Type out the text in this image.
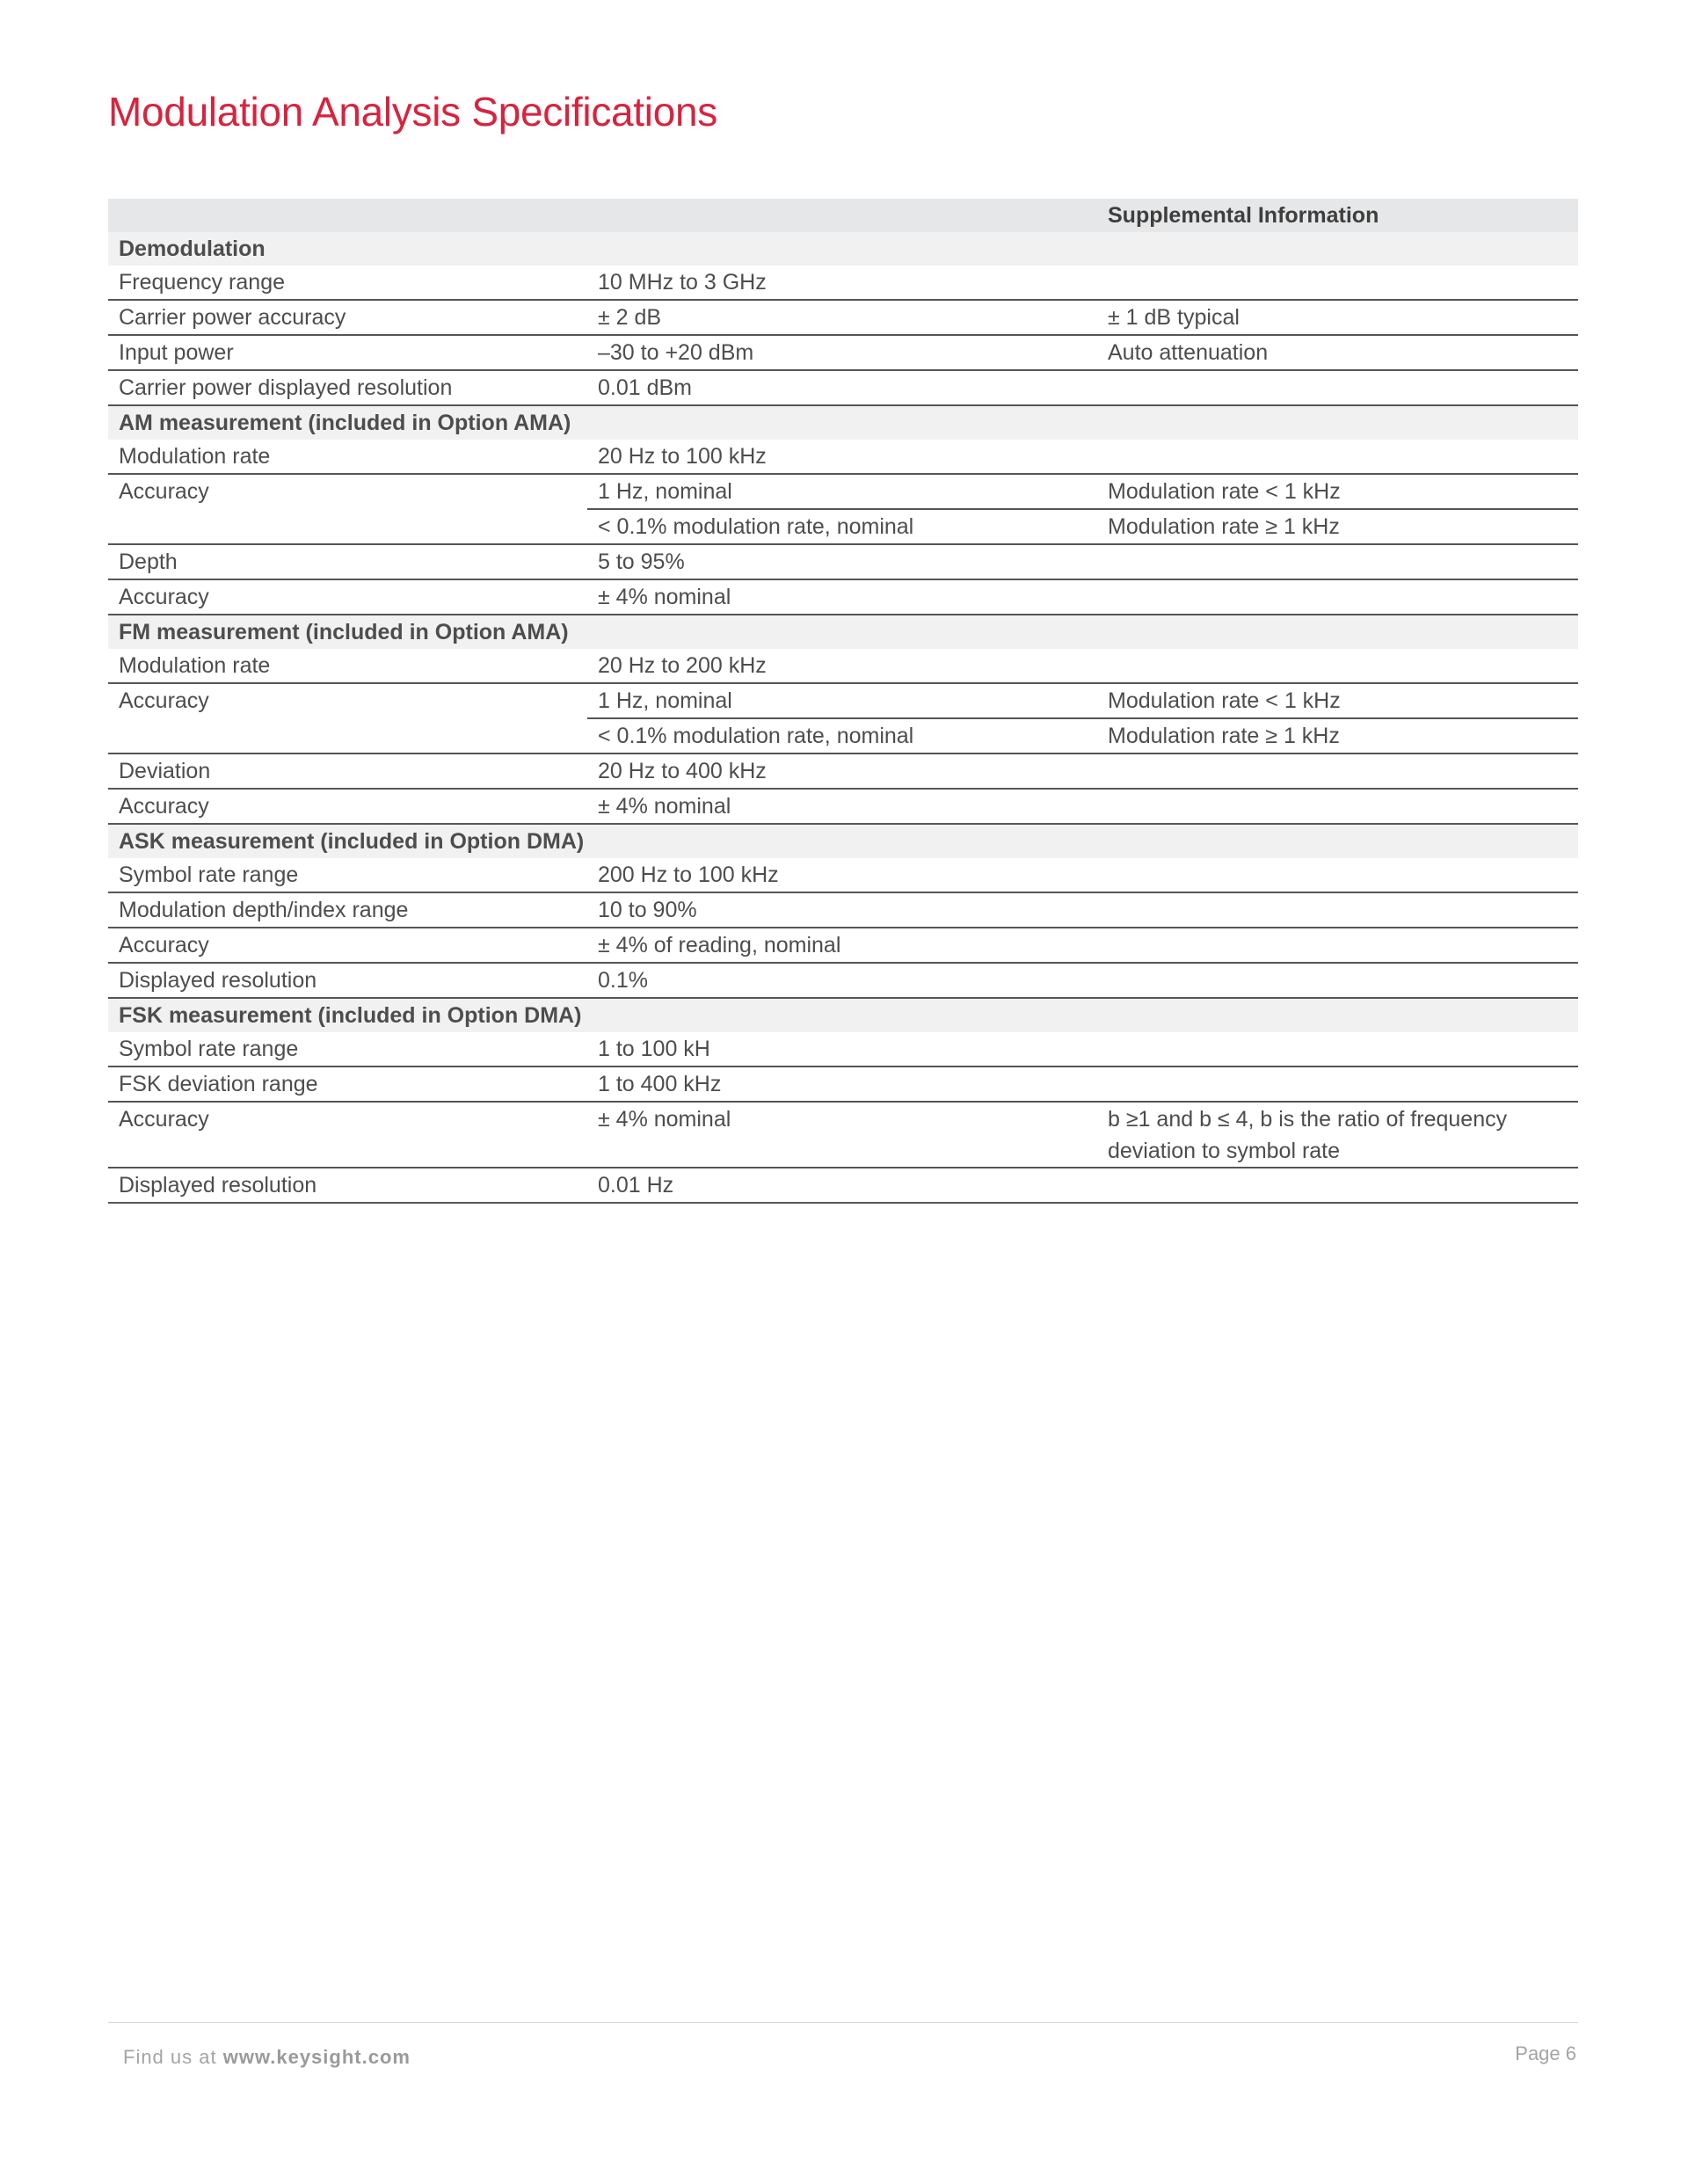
Modulation Analysis Specifications
		Supplemental Information
Demodulation		
Frequency range	10 MHz to 3 GHz	
Carrier power accuracy	± 2 dB	± 1 dB typical
Input power	–30 to +20 dBm	Auto attenuation
Carrier power displayed resolution	0.01 dBm	
AM measurement (included in Option AMA)		
Modulation rate	20 Hz to 100 kHz	
Accuracy	1 Hz, nominal	Modulation rate < 1 kHz
	< 0.1% modulation rate, nominal	Modulation rate ≥ 1 kHz
Depth	5 to 95%	
Accuracy	± 4% nominal	
FM measurement (included in Option AMA)		
Modulation rate	20 Hz to 200 kHz	
Accuracy	1 Hz, nominal	Modulation rate < 1 kHz
	< 0.1% modulation rate, nominal	Modulation rate ≥ 1 kHz
Deviation	20 Hz to 400 kHz	
Accuracy	± 4% nominal	
ASK measurement (included in Option DMA)		
Symbol rate range	200 Hz to 100 kHz	
Modulation depth/index range	10 to 90%	
Accuracy	± 4% of reading, nominal	
Displayed resolution	0.1%	
FSK measurement (included in Option DMA)		
Symbol rate range	1 to 100 kH	
FSK deviation range	1 to 400 kHz	
Accuracy	± 4% nominal	b ≥1 and b ≤ 4, b is the ratio of frequency deviation to symbol rate
Displayed resolution	0.01 Hz	
Find us at www.keysight.com	Page 6
